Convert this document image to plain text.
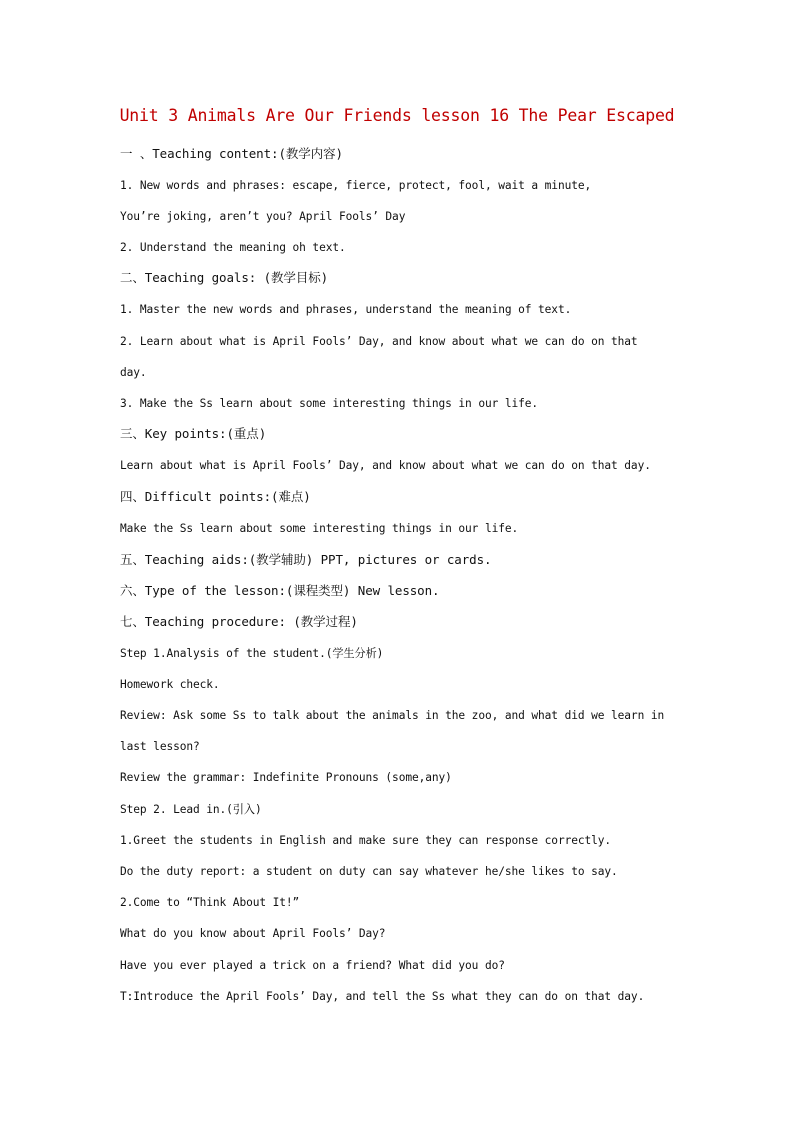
Unit 3 Animals Are Our Friends lesson 16 The Pear Escaped
一 、Teaching content:(教学内容)
1. New words and phrases: escape, fierce, protect, fool, wait a minute,
You’re joking, aren’t you? April Fools’ Day
2. Understand the meaning oh text.
二、Teaching goals: (教学目标)
1. Master the new words and phrases, understand the meaning of text.
2. Learn about what is April Fools’ Day, and know about what we can do on that
day.
3. Make the Ss learn about some interesting things in our life.
三、Key points:(重点)
Learn about what is April Fools’ Day, and know about what we can do on that day.
四、Difficult points:(难点)
Make the Ss learn about some interesting things in our life.
五、Teaching aids:(教学辅助) PPT, pictures or cards.
六、Type of the lesson:(课程类型) New lesson.
七、Teaching procedure: (教学过程)
Step 1.Analysis of the student.(学生分析)
Homework check.
Review: Ask some Ss to talk about the animals in the zoo, and what did we learn in
last lesson?
Review the grammar: Indefinite Pronouns (some,any)
Step 2. Lead in.(引入)
1.Greet the students in English and make sure they can response correctly.
Do the duty report: a student on duty can say whatever he/she likes to say.
2.Come to “Think About It!”
What do you know about April Fools’ Day?
Have you ever played a trick on a friend? What did you do?
T:Introduce the April Fools’ Day, and tell the Ss what they can do on that day.
